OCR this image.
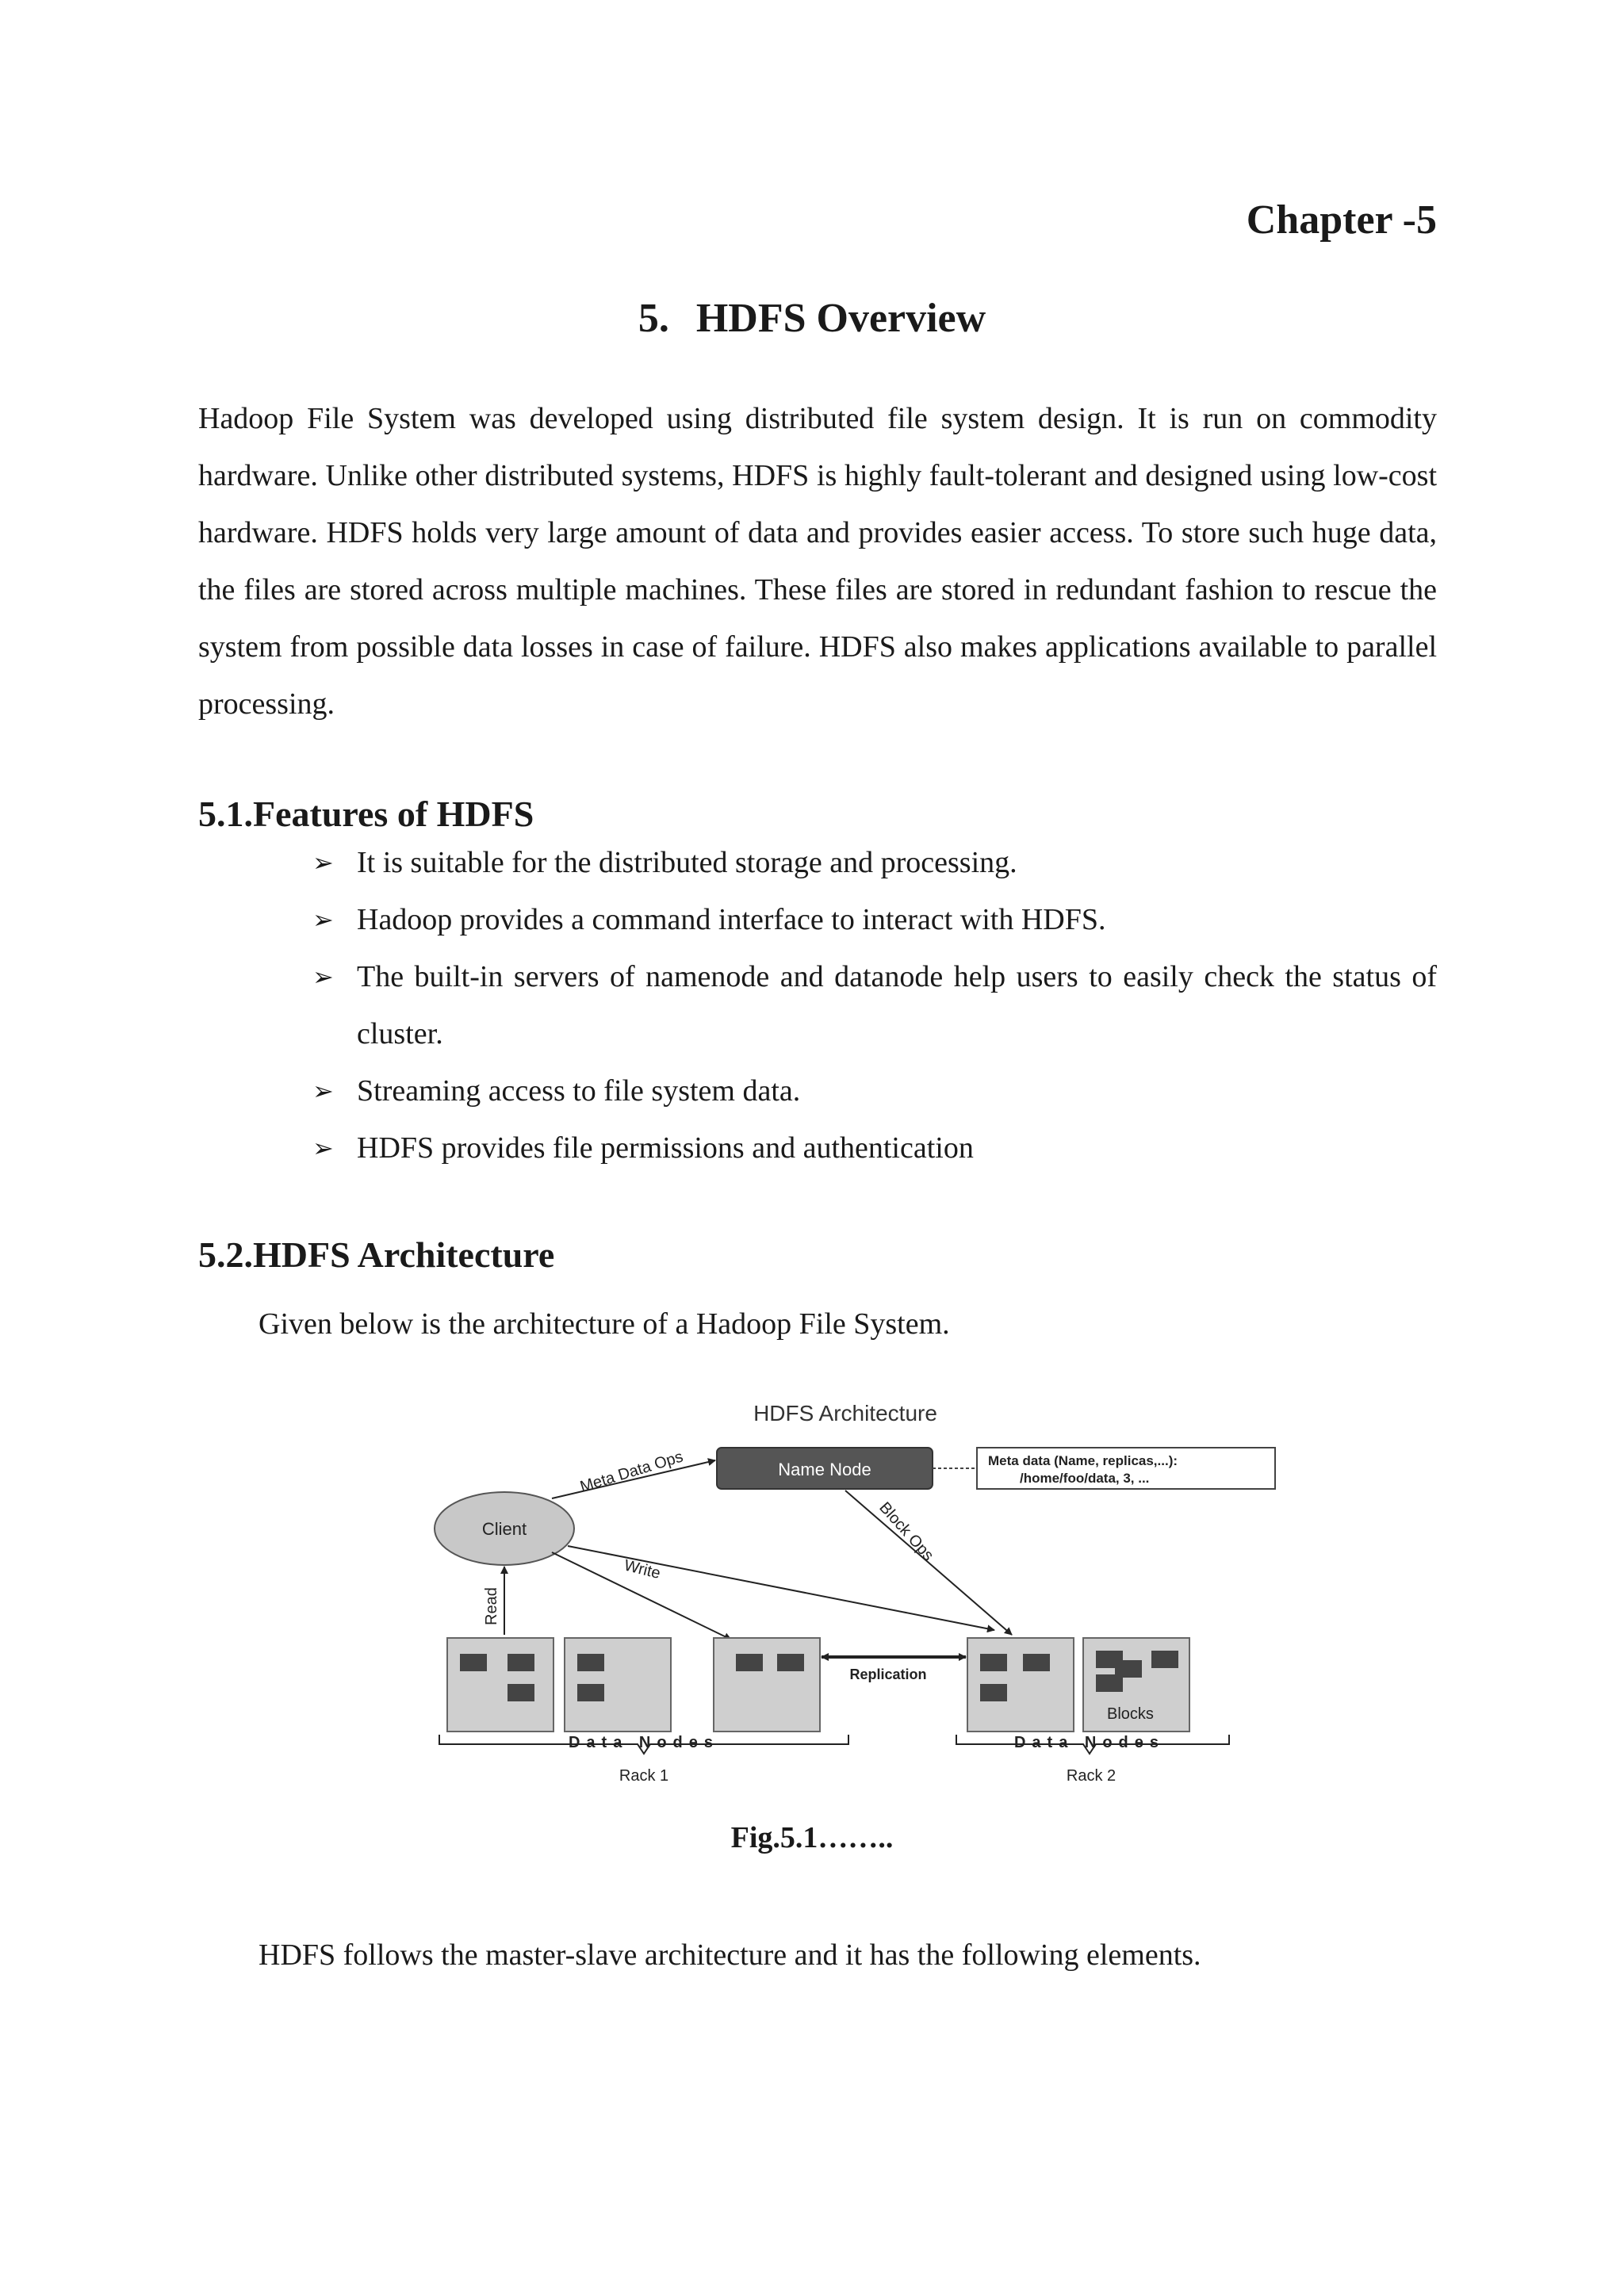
Chapter -5
5. HDFS Overview

Hadoop File System was developed using distributed file system design. It is run on commodity hardware. Unlike other distributed systems, HDFS is highly fault-tolerant and designed using low-cost hardware. HDFS holds very large amount of data and provides easier access. To store such huge data, the files are stored across multiple machines. These files are stored in redundant fashion to rescue the system from possible data losses in case of failure. HDFS also makes applications available to parallel processing.

5.1.Features of HDFS
➢ It is suitable for the distributed storage and processing.
➢ Hadoop provides a command interface to interact with HDFS.
➢ The built-in servers of namenode and datanode help users to easily check the status of cluster.
➢ Streaming access to file system data.
➢ HDFS provides file permissions and authentication
5.2.HDFS Architecture
Given below is the architecture of a Hadoop File System.
HDFS Architecture
Name Node	Meta data (Name, replicas,...):
/home/foo/data, 3, ...
Client
Meta Data Ops
Block Ops
Read
Write
Blocks
Replication
Data Nodes
Rack 1
Data Nodes
Rack 2
Fig.5.1……..
HDFS follows the master-slave architecture and it has the following elements.
